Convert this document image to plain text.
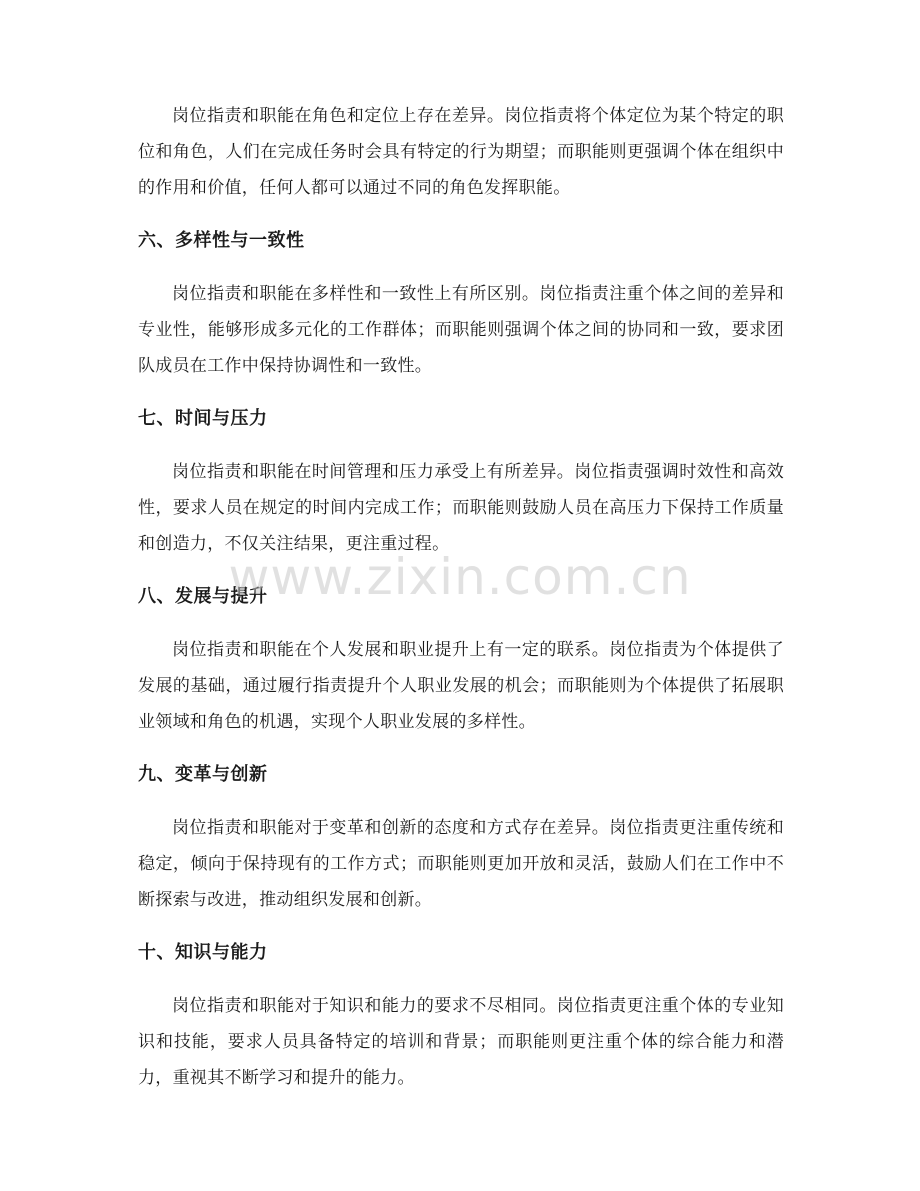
岗位指责和职能在角色和定位上存在差异。岗位指责将个体定位为某个特定的职位和角色，人们在完成任务时会具有特定的行为期望；而职能则更强调个体在组织中的作用和价值，任何人都可以通过不同的角色发挥职能。

六、多样性与一致性

岗位指责和职能在多样性和一致性上有所区别。岗位指责注重个体之间的差异和专业性，能够形成多元化的工作群体；而职能则强调个体之间的协同和一致，要求团队成员在工作中保持协调性和一致性。

七、时间与压力

岗位指责和职能在时间管理和压力承受上有所差异。岗位指责强调时效性和高效性，要求人员在规定的时间内完成工作；而职能则鼓励人员在高压力下保持工作质量和创造力，不仅关注结果，更注重过程。

八、发展与提升

岗位指责和职能在个人发展和职业提升上有一定的联系。岗位指责为个体提供了发展的基础，通过履行指责提升个人职业发展的机会；而职能则为个体提供了拓展职业领域和角色的机遇，实现个人职业发展的多样性。

九、变革与创新

岗位指责和职能对于变革和创新的态度和方式存在差异。岗位指责更注重传统和稳定，倾向于保持现有的工作方式；而职能则更加开放和灵活，鼓励人们在工作中不断探索与改进，推动组织发展和创新。

十、知识与能力

岗位指责和职能对于知识和能力的要求不尽相同。岗位指责更注重个体的专业知识和技能，要求人员具备特定的培训和背景；而职能则更注重个体的综合能力和潜力，重视其不断学习和提升的能力。

www.zixin.com.cn
